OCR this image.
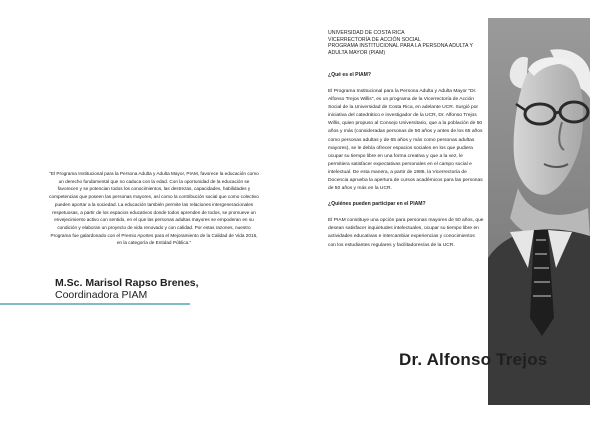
"El Programa Institucional para la Persona Adulta y Adulta Mayor, PIAM, favorece la educación como un derecho fundamental que no caduca con la edad. Con la oportunidad de la educación se favorecen y se potencian todos los conocimientos, las destrezas, capacidades, habilidades y competencias que poseen las personas mayores, así como la contribución social que como colectivo pueden aportar a la sociedad. La educación también permite las relaciones intergeneracionales respetuosas, a partir de los espacios educativos donde todos aprenden de todos, se promueve un envejecimiento activo con sentido, en el que las personas adultas mayores se empoderan en su condición y elaboran un proyecto de vida renovado y con calidad. Por estas razones, nuestro Programa fue galardonado con el Premio Aportes para el Mejoramiento de la Calidad de Vida 2016, en la categoría de Entidad Pública."

M.Sc. Marisol Rapso Brenes,
Coordinadora PIAM
UNIVERSIDAD DE COSTA RICA
VICERRECTORÍA DE ACCIÓN SOCIAL
PROGRAMA INSTITUCIONAL PARA LA PERSONA ADULTA Y
ADULTA MAYOR (PIAM)
¿Qué es el PIAM?

El Programa Institucional para la Persona Adulta y Adulta Mayor "Dr. Alfonso Trejos Willis", es un programa de la Vicerrectoría de Acción Social de la Universidad de Costa Rica, en adelante UCR. Surgió por iniciativa del catedrático e investigador de la UCR, Dr. Alfonso Trejos Willis, quien propuso al Consejo Universitario, que a la población de 50 años y más (consideradas personas de 50 años y antes de los 65 años como personas adultas y de 65 años y más como personas adultas mayores), se le debía ofrecer espacios sociales en los que pudiera ocupar su tiempo libre en una forma creativa y que a la vez, le permitiera satisfacer expectativas personales en el campo social e intelectual. De esta manera, a partir de 1986, la Vicerrectoría de Docencia aprueba la apertura de cursos académicos para las personas de 50 años y más en la UCR.

¿Quiénes pueden participar en el PIAM?

El PIAM constituye una opción para personas mayores de 50 años, que desean satisfacer inquietudes intelectuales, ocupar su tiempo libre en actividades educativas e intercambiar experiencias y conocimientos con los estudiantes regulares y facilitadores/as de la UCR.

Dr. Alfonso Trejos
